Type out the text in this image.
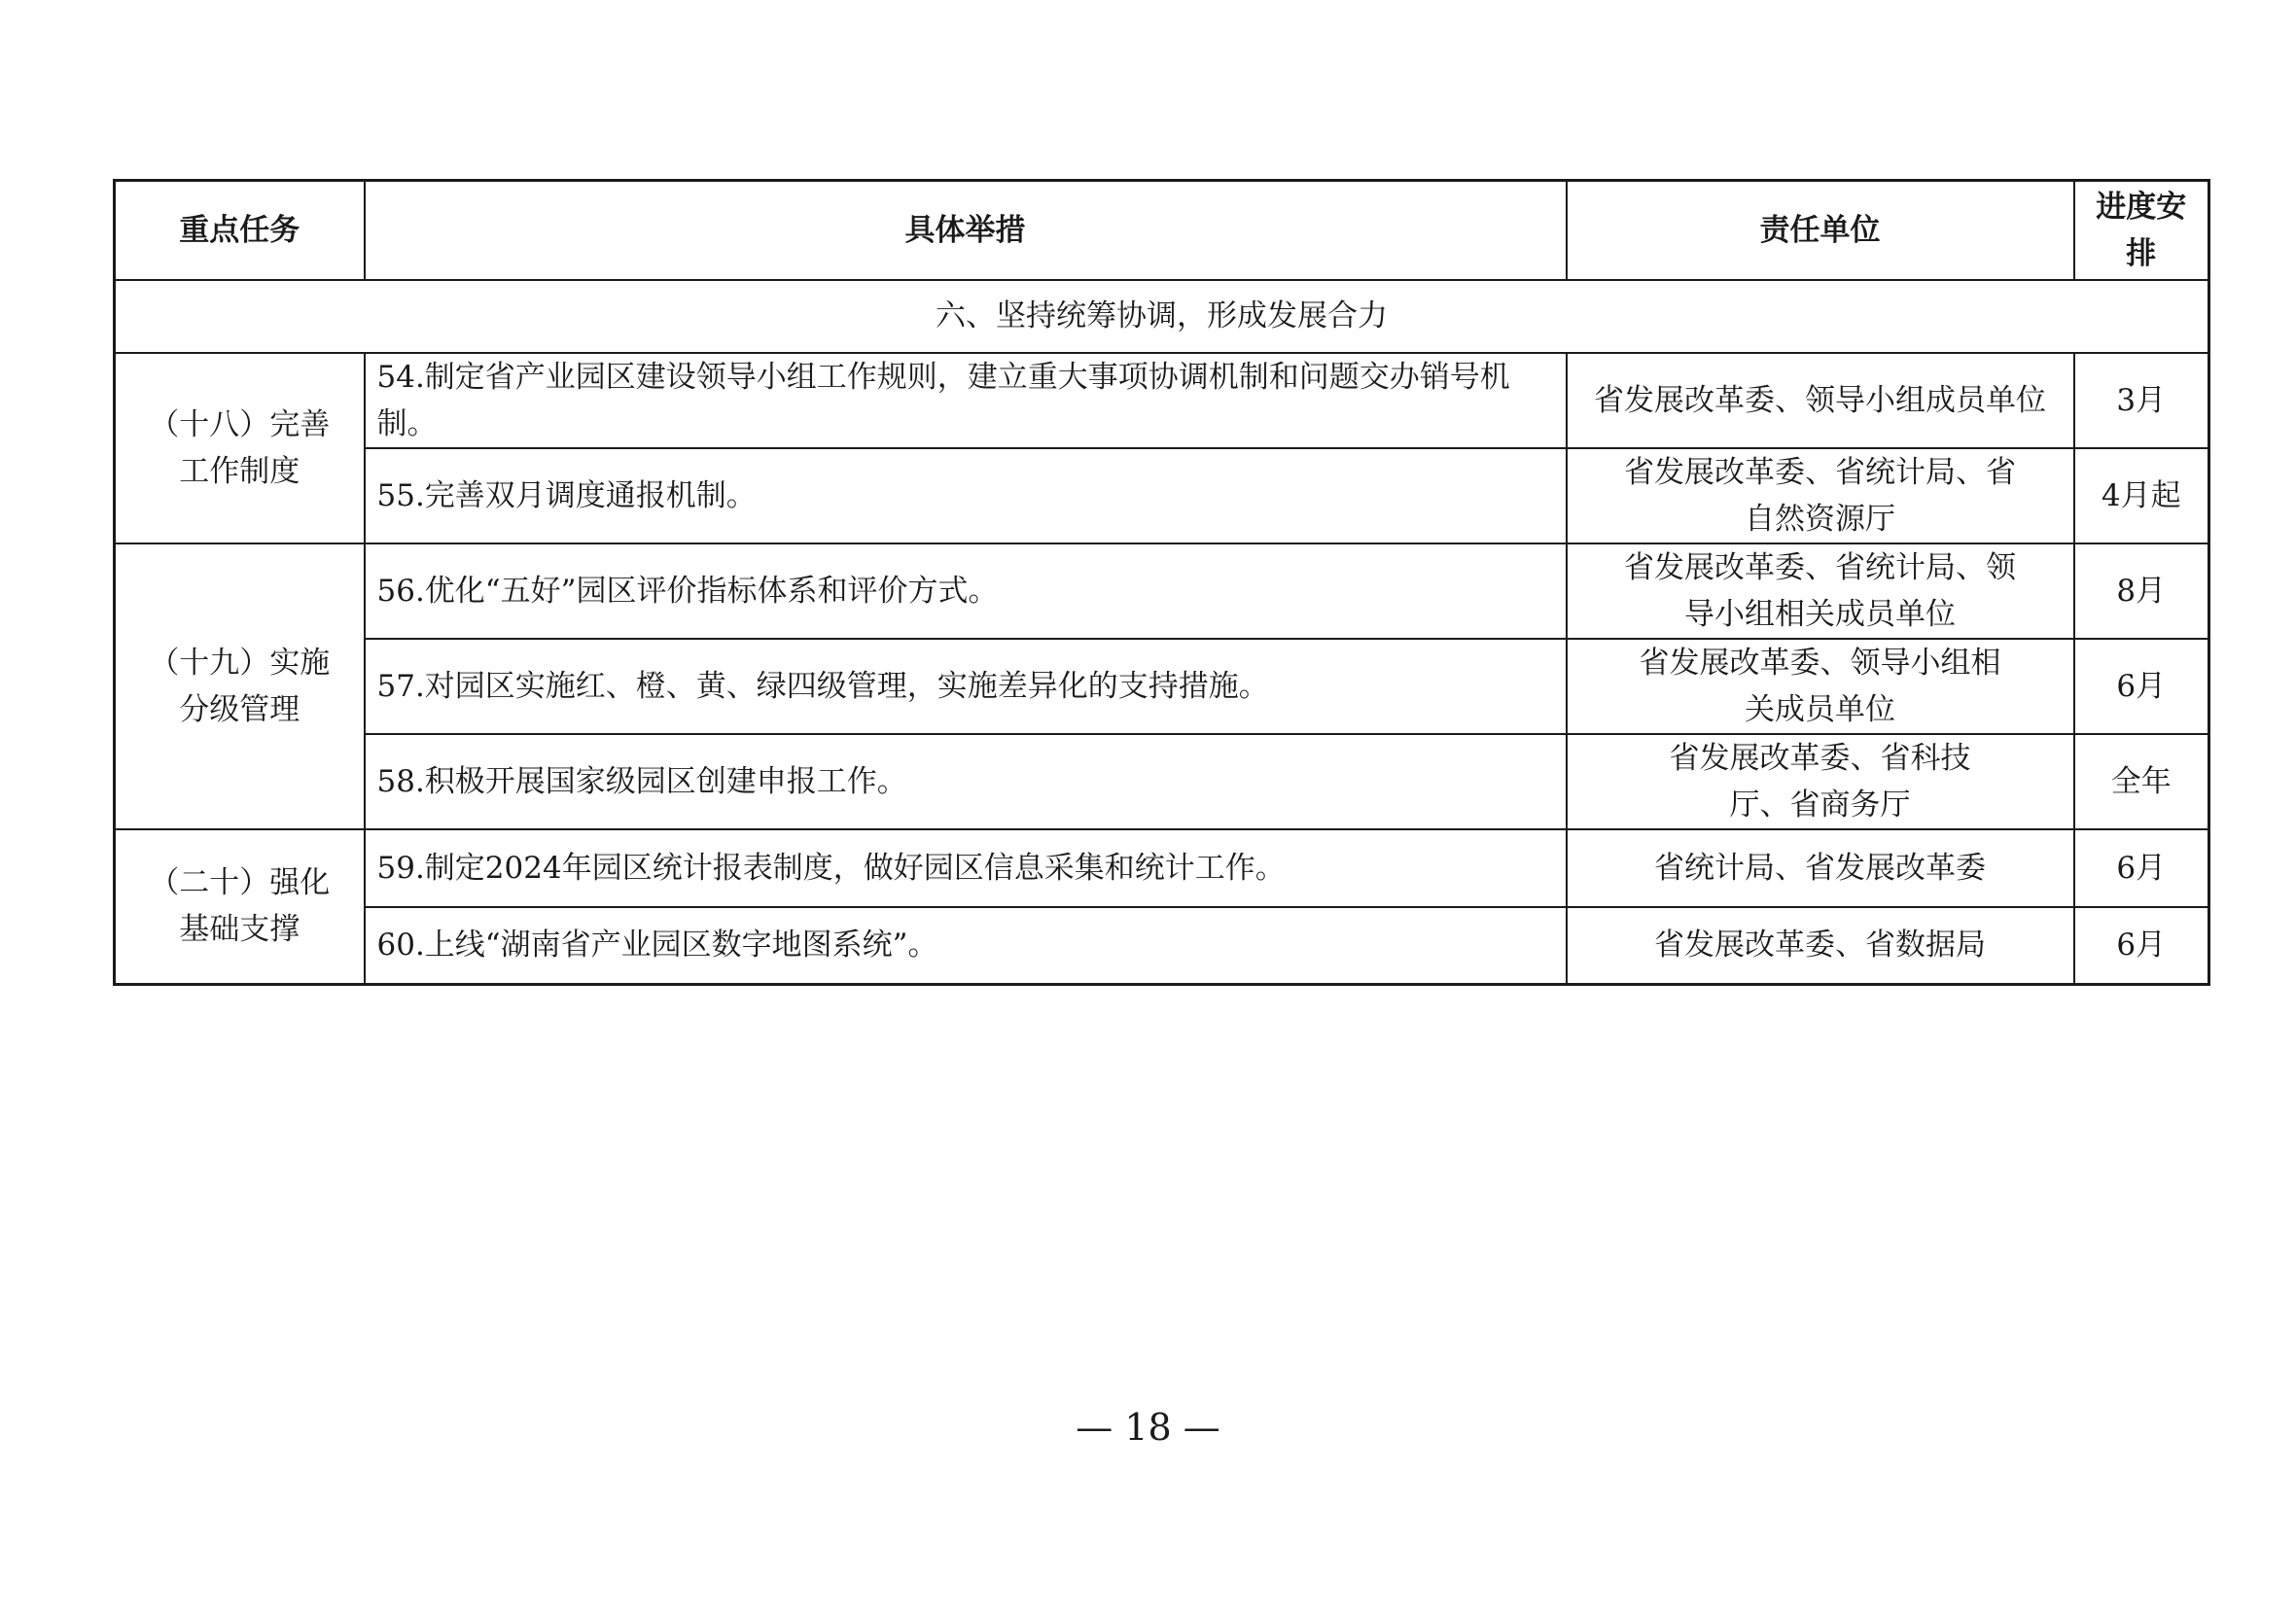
重点任务	具体举措	责任单位	进度安排
六、坚持统筹协调，形成发展合力			
（十八）完善工作制度	54.制定省产业园区建设领导小组工作规则，建立重大事项协调机制和问题交办销号机制。	省发展改革委、领导小组成员单位	3月
	55.完善双月调度通报机制。	省发展改革委、省统计局、省自然资源厅	4月起
（十九）实施分级管理	56.优化“五好”园区评价指标体系和评价方式。	省发展改革委、省统计局、领导小组相关成员单位	8月
	57.对园区实施红、橙、黄、绿四级管理，实施差异化的支持措施。	省发展改革委、领导小组相关成员单位	6月
	58.积极开展国家级园区创建申报工作。	省发展改革委、省科技厅、省商务厅	全年
（二十）强化基础支撑	59.制定2024年园区统计报表制度，做好园区信息采集和统计工作。	省统计局、省发展改革委	6月
	60.上线“湖南省产业园区数字地图系统”。	省发展改革委、省数据局	6月
— 18 —
